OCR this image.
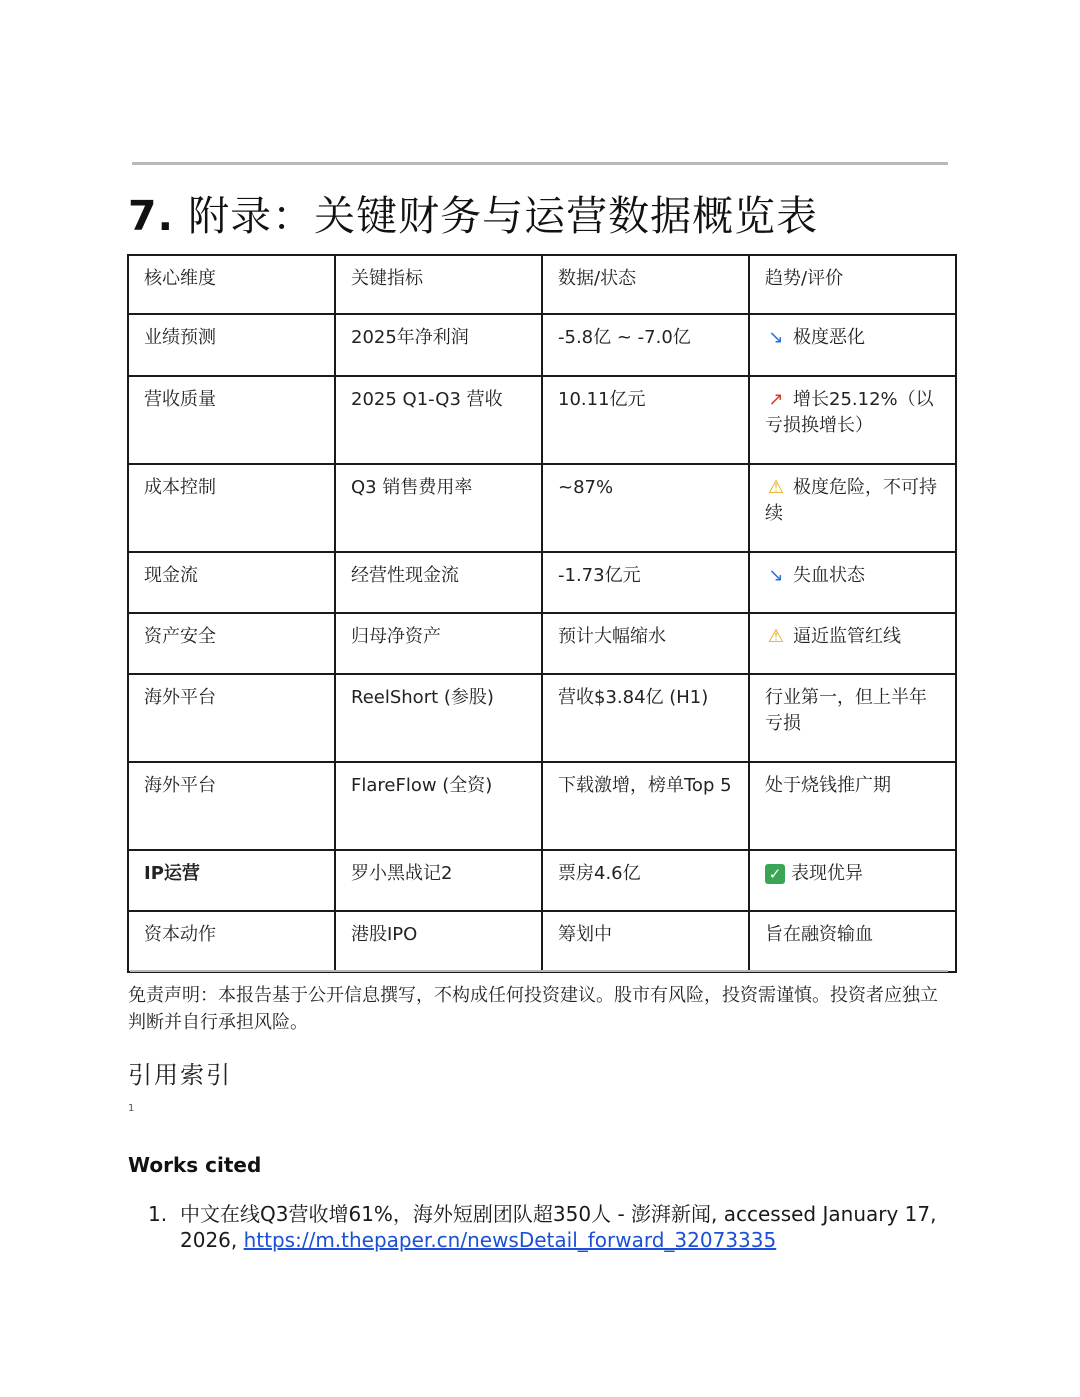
7. 附录：关键财务与运营数据概览表
核心维度	关键指标	数据/状态	趋势/评价
业绩预测	2025年净利润	-5.8亿 ~ -7.0亿	↘ 极度恶化
营收质量	2025 Q1-Q3 营收	10.11亿元	↗ 增长25.12%（以亏损换增长）
成本控制	Q3 销售费用率	~87%	⚠ 极度危险，不可持续
现金流	经营性现金流	-1.73亿元	↘ 失血状态
资产安全	归母净资产	预计大幅缩水	⚠ 逼近监管红线
海外平台	ReelShort (参股)	营收$3.84亿 (H1)	行业第一，但上半年亏损
海外平台	FlareFlow (全资)	下载激增，榜单Top 5	处于烧钱推广期
IP运营	罗小黑战记2	票房4.6亿	✓ 表现优异
资本动作	港股IPO	筹划中	旨在融资输血

免责声明：本报告基于公开信息撰写，不构成任何投资建议。股市有风险，投资需谨慎。投资者应独立判断并自行承担风险。

引用索引
1
Works cited
1. 中文在线Q3营收增61%，海外短剧团队超350人 - 澎湃新闻, accessed January 17, 2026, https://m.thepaper.cn/newsDetail_forward_32073335
